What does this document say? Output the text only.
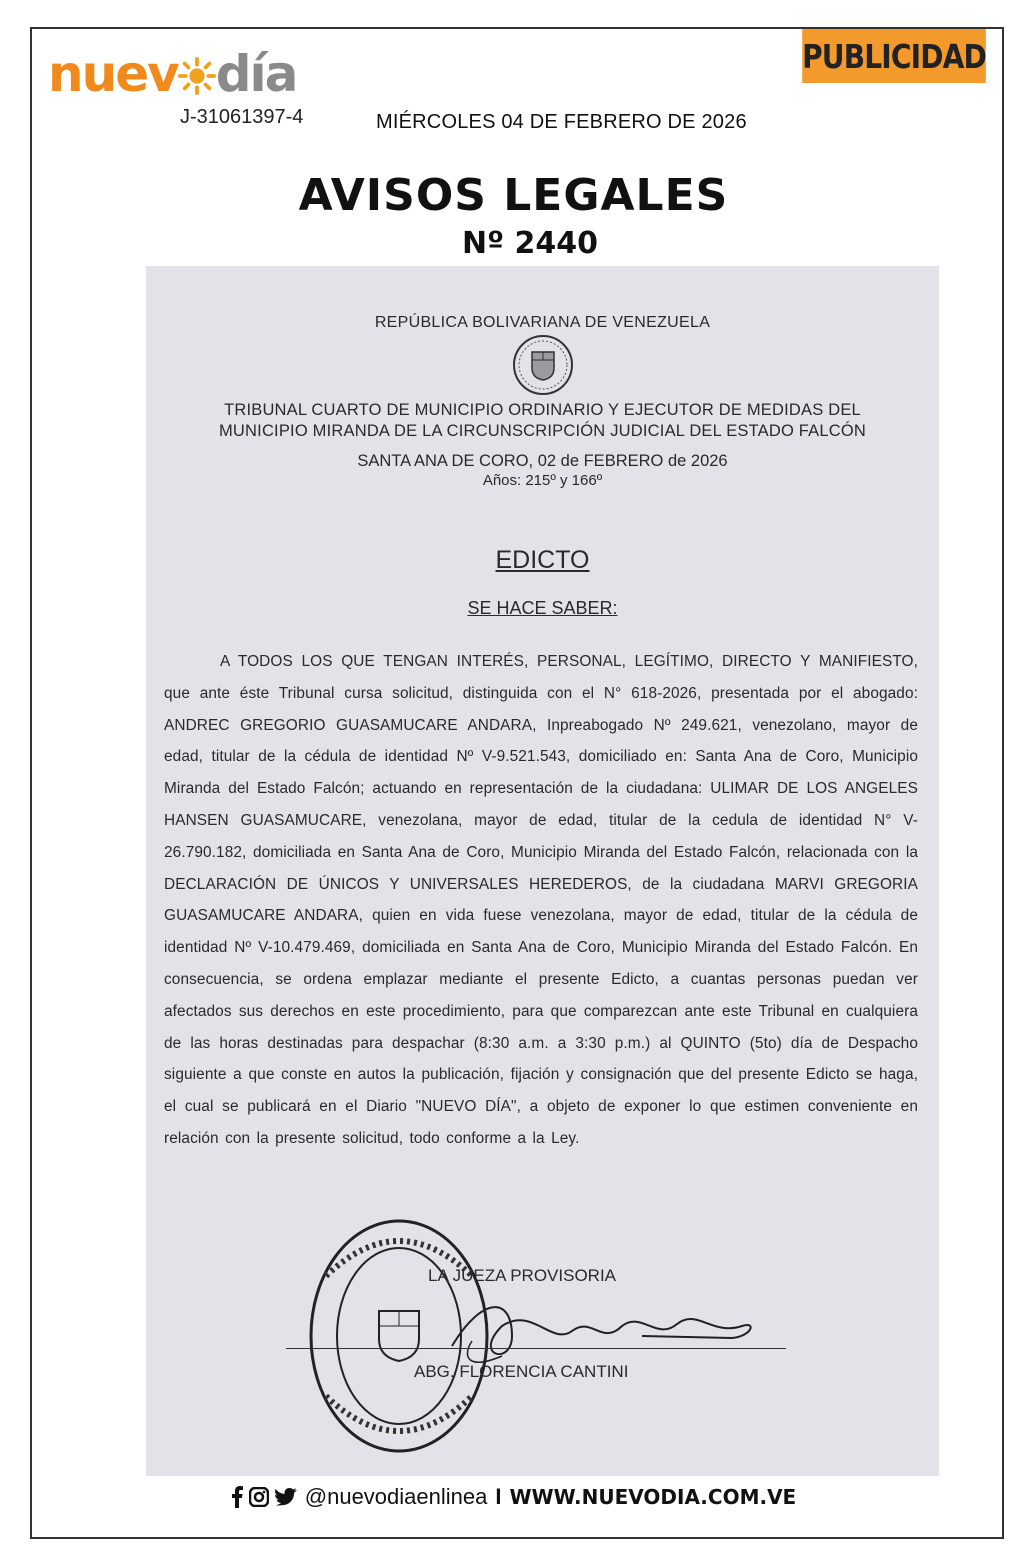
nuev día
J-31061397-4	MIÉRCOLES 04 DE FEBRERO DE 2026
PUBLICIDAD
AVISOS LEGALES
Nº 2440
REPÚBLICA BOLIVARIANA DE VENEZUELA
TRIBUNAL CUARTO DE MUNICIPIO ORDINARIO Y EJECUTOR DE MEDIDAS DEL
MUNICIPIO MIRANDA DE LA CIRCUNSCRIPCIÓN JUDICIAL DEL ESTADO FALCÓN
SANTA ANA DE CORO, 02 de FEBRERO de 2026
Años: 215º y 166º
EDICTO
SE HACE SABER:
A TODOS LOS QUE TENGAN INTERÉS, PERSONAL, LEGÍTIMO, DIRECTO Y MANIFIESTO, que ante éste Tribunal cursa solicitud, distinguida con el N° 618-2026, presentada por el abogado: ANDREC GREGORIO GUASAMUCARE ANDARA, Inpreabogado Nº 249.621, venezolano, mayor de edad, titular de la cédula de identidad Nº V-9.521.543, domiciliado en: Santa Ana de Coro, Municipio Miranda del Estado Falcón; actuando en representación de la ciudadana: ULIMAR DE LOS ANGELES HANSEN GUASAMUCARE, venezolana, mayor de edad, titular de la cedula de identidad N° V-26.790.182, domiciliada en Santa Ana de Coro, Municipio Miranda del Estado Falcón, relacionada con la DECLARACIÓN DE ÚNICOS Y UNIVERSALES HEREDEROS, de la ciudadana MARVI GREGORIA GUASAMUCARE ANDARA, quien en vida fuese venezolana, mayor de edad, titular de la cédula de identidad Nº V-10.479.469, domiciliada en Santa Ana de Coro, Municipio Miranda del Estado Falcón. En consecuencia, se ordena emplazar mediante el presente Edicto, a cuantas personas puedan ver afectados sus derechos en este procedimiento, para que comparezcan ante este Tribunal en cualquiera de las horas destinadas para despachar (8:30 a.m. a 3:30 p.m.) al QUINTO (5to) día de Despacho siguiente a que conste en autos la publicación, fijación y consignación que del presente Edicto se haga, el cual se publicará en el Diario "NUEVO DÍA", a objeto de exponer lo que estimen conveniente en relación con la presente solicitud, todo conforme a la Ley.
LA JUEZA PROVISORIA
ABG. FLORENCIA CANTINI
@nuevodiaenlinea I WWW.NUEVODIA.COM.VE
